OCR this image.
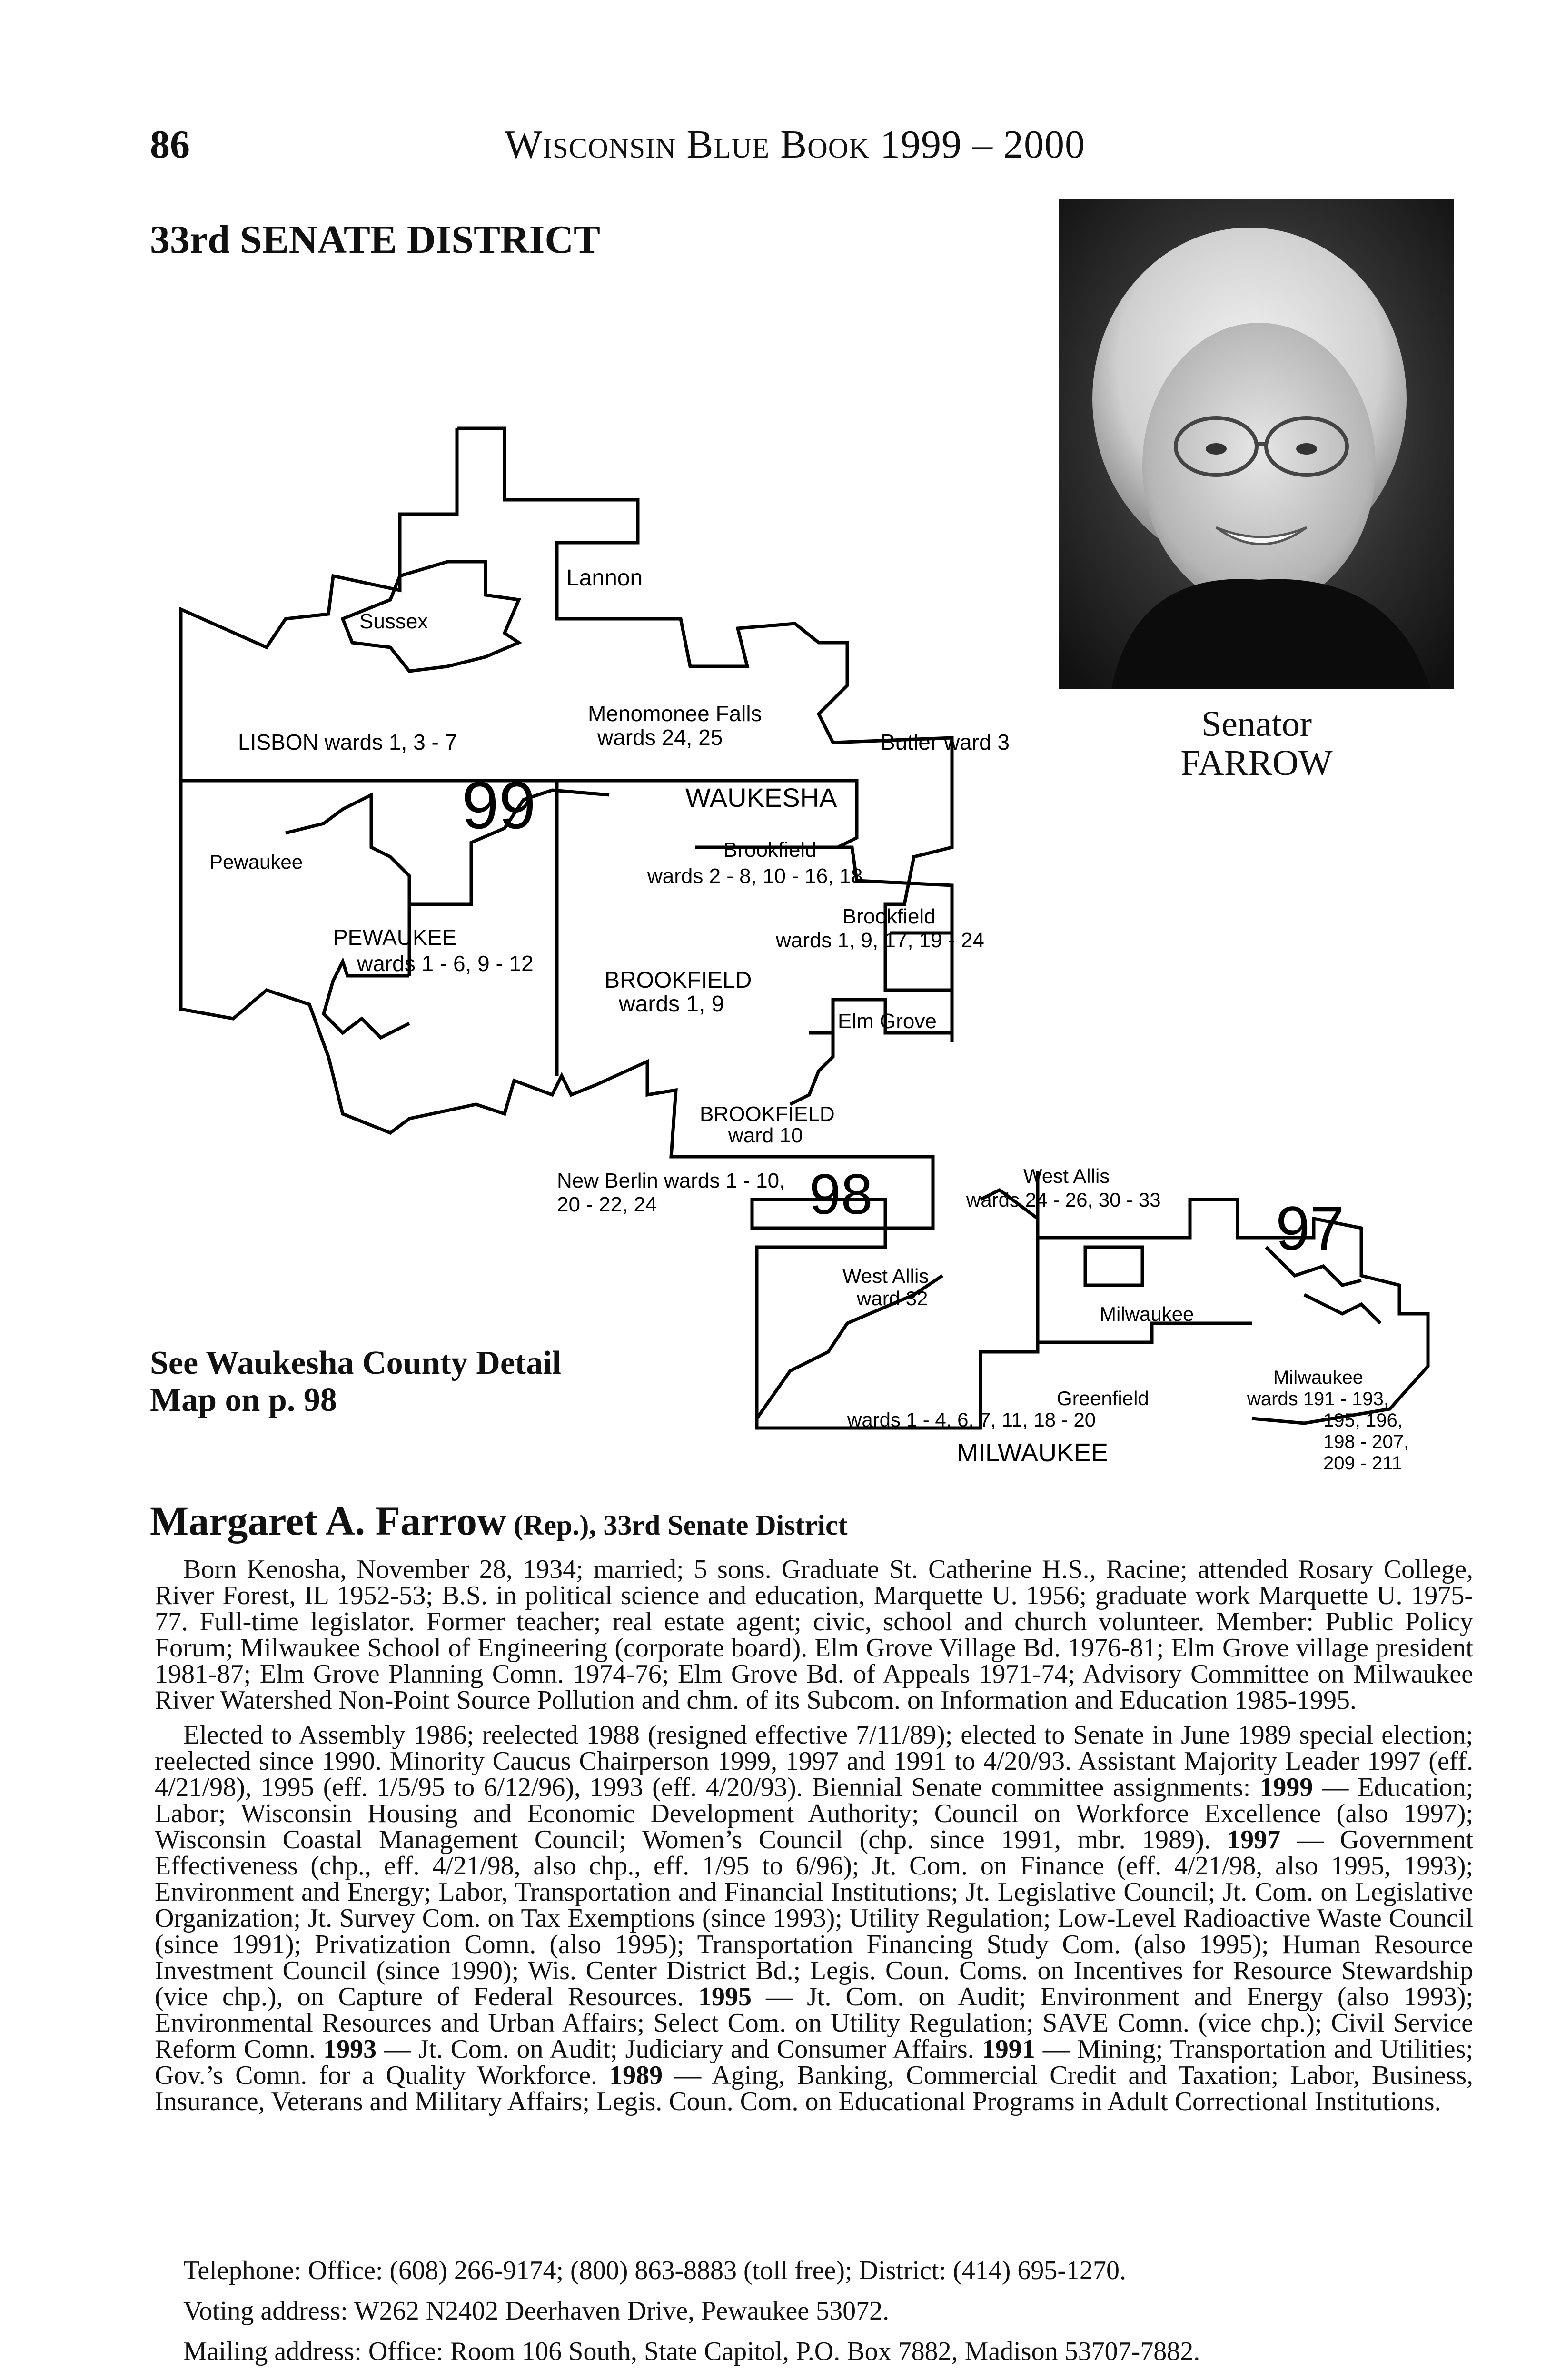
86	Wisconsin Blue Book 1999 – 2000
33rd SENATE DISTRICT
Senator
FARROW
Lannon
Sussex
LISBON wards 1, 3 - 7
Menomonee Falls
wards 24, 25	Butler ward 3
99	WAUKESHA
Pewaukee
Brookfield
wards 2 - 8, 10 - 16, 18
Brookfield
wards 1, 9, 17, 19 - 24
PEWAUKEE
wards 1 - 6, 9 - 12
BROOKFIELD
wards 1, 9
Elm Grove
BROOKFIELD
ward 10
New Berlin wards 1 - 10,
20 - 22, 24	98	West Allis
wards 24 - 26, 30 - 33 97
West Allis
ward 32
Milwaukee
Milwaukee
wards 191 - 193,
195, 196,
198 - 207,
209 - 211
Greenfield
wards 1 - 4, 6, 7, 11, 18 - 20
MILWAUKEE
See Waukesha County Detail
Map on p. 98
Margaret A. Farrow (Rep.), 33rd Senate District

Born Kenosha, November 28, 1934; married; 5 sons. Graduate St. Catherine H.S., Racine; attended Rosary College, River Forest, IL 1952-53; B.S. in political science and education, Marquette U. 1956; graduate work Marquette U. 1975-77. Full-time legislator. Former teacher; real estate agent; civic, school and church volunteer. Member: Public Policy Forum; Milwaukee School of Engineering (corporate board). Elm Grove Village Bd. 1976-81; Elm Grove village president 1981-87; Elm Grove Planning Comn. 1974-76; Elm Grove Bd. of Appeals 1971-74; Advisory Committee on Milwaukee River Watershed Non-Point Source Pollution and chm. of its Subcom. on Information and Education 1985-1995.

Elected to Assembly 1986; reelected 1988 (resigned effective 7/11/89); elected to Senate in June 1989 special election; reelected since 1990. Minority Caucus Chairperson 1999, 1997 and 1991 to 4/20/93. Assistant Majority Leader 1997 (eff. 4/21/98), 1995 (eff. 1/5/95 to 6/12/96), 1993 (eff. 4/20/93). Biennial Senate committee assignments: 1999 — Education; Labor; Wisconsin Housing and Economic Development Authority; Council on Workforce Excellence (also 1997); Wisconsin Coastal Management Council; Women’s Council (chp. since 1991, mbr. 1989). 1997 — Government Effectiveness (chp., eff. 4/21/98, also chp., eff. 1/95 to 6/96); Jt. Com. on Finance (eff. 4/21/98, also 1995, 1993); Environment and Energy; Labor, Transportation and Financial Institutions; Jt. Legislative Council; Jt. Com. on Legislative Organization; Jt. Survey Com. on Tax Exemptions (since 1993); Utility Regulation; Low-Level Radioactive Waste Council (since 1991); Privatization Comn. (also 1995); Transportation Financing Study Com. (also 1995); Human Resource Investment Council (since 1990); Wis. Center District Bd.; Legis. Coun. Coms. on Incentives for Resource Stewardship (vice chp.), on Capture of Federal Resources. 1995 — Jt. Com. on Audit; Environment and Energy (also 1993); Environmental Resources and Urban Affairs; Select Com. on Utility Regulation; SAVE Comn. (vice chp.); Civil Service Reform Comn. 1993 — Jt. Com. on Audit; Judiciary and Consumer Affairs. 1991 — Mining; Transportation and Utilities; Gov.’s Comn. for a Quality Workforce. 1989 — Aging, Banking, Commercial Credit and Taxation; Labor, Business, Insurance, Veterans and Military Affairs; Legis. Coun. Com. on Educational Programs in Adult Correctional Institutions.

Telephone: Office: (608) 266-9174; (800) 863-8883 (toll free); District: (414) 695-1270.
Voting address: W262 N2402 Deerhaven Drive, Pewaukee 53072.
Mailing address: Office: Room 106 South, State Capitol, P.O. Box 7882, Madison 53707-7882.
